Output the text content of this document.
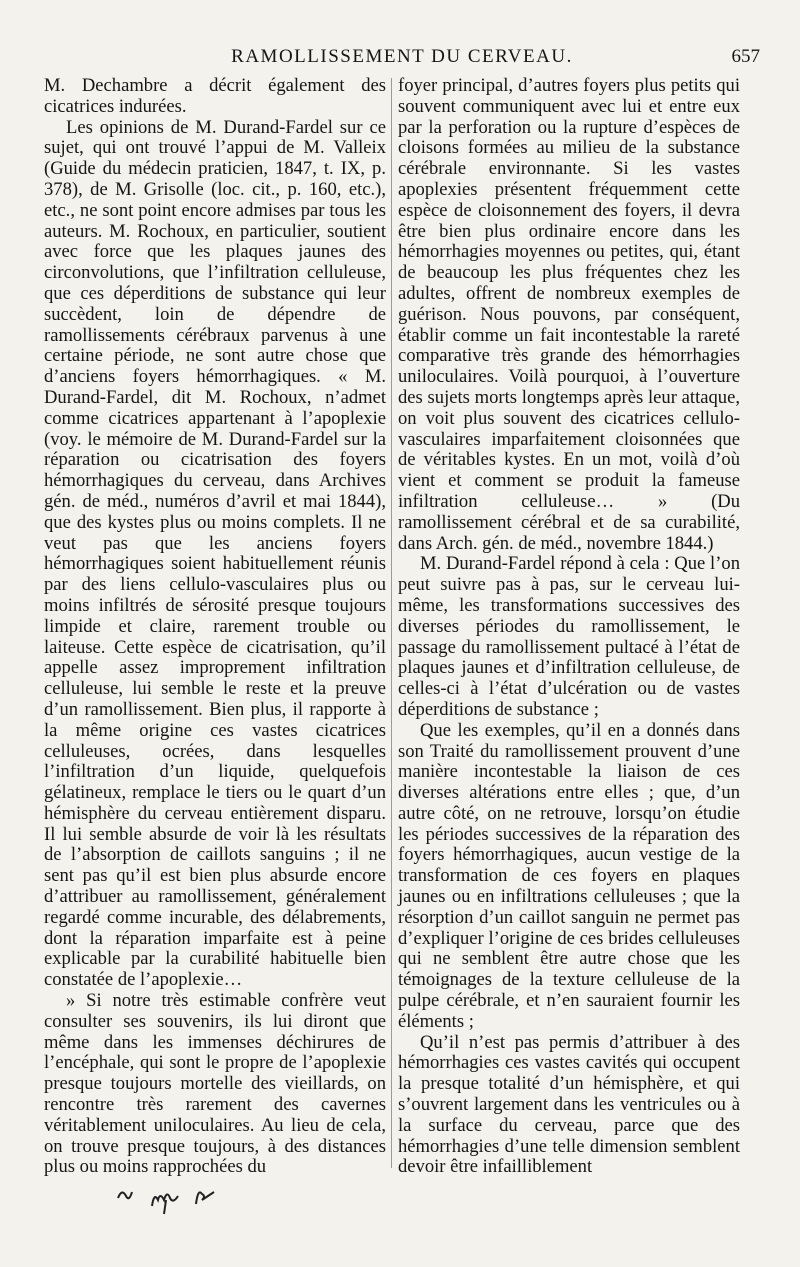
RAMOLLISSEMENT DU CERVEAU.	657

M. Dechambre a décrit également des cicatrices indurées.

Les opinions de M. Durand-Fardel sur ce sujet, qui ont trouvé l’appui de M. Valleix (Guide du médecin praticien, 1847, t. IX, p. 378), de M. Grisolle (loc. cit., p. 160, etc.), etc., ne sont point encore admises par tous les auteurs. M. Rochoux, en particulier, soutient avec force que les plaques jaunes des circonvolutions, que l’infiltration celluleuse, que ces déperditions de substance qui leur succèdent, loin de dépendre de ramollissements cérébraux parvenus à une certaine période, ne sont autre chose que d’anciens foyers hémorrhagiques. « M. Durand-Fardel, dit M. Rochoux, n’admet comme cicatrices appartenant à l’apoplexie (voy. le mémoire de M. Durand-Fardel sur la réparation ou cicatrisation des foyers hémorrhagiques du cerveau, dans Archives gén. de méd., numéros d’avril et mai 1844), que des kystes plus ou moins complets. Il ne veut pas que les anciens foyers hémorrhagiques soient habituellement réunis par des liens cellulo-vasculaires plus ou moins infiltrés de sérosité presque toujours limpide et claire, rarement trouble ou laiteuse. Cette espèce de cicatrisation, qu’il appelle assez improprement infiltration celluleuse, lui semble le reste et la preuve d’un ramollissement. Bien plus, il rapporte à la même origine ces vastes cicatrices celluleuses, ocrées, dans lesquelles l’infiltration d’un liquide, quelquefois gélatineux, remplace le tiers ou le quart d’un hémisphère du cerveau entièrement disparu. Il lui semble absurde de voir là les résultats de l’absorption de caillots sanguins ; il ne sent pas qu’il est bien plus absurde encore d’attribuer au ramollissement, généralement regardé comme incurable, des délabrements, dont la réparation imparfaite est à peine explicable par la curabilité habituelle bien constatée de l’apoplexie…

» Si notre très estimable confrère veut consulter ses souvenirs, ils lui diront que même dans les immenses déchirures de l’encéphale, qui sont le propre de l’apoplexie presque toujours mortelle des vieillards, on rencontre très rarement des cavernes véritablement uniloculaires. Au lieu de cela, on trouve presque toujours, à des distances plus ou moins rapprochées du

foyer principal, d’autres foyers plus petits qui souvent communiquent avec lui et entre eux par la perforation ou la rupture d’espèces de cloisons formées au milieu de la substance cérébrale environnante. Si les vastes apoplexies présentent fréquemment cette espèce de cloisonnement des foyers, il devra être bien plus ordinaire encore dans les hémorrhagies moyennes ou petites, qui, étant de beaucoup les plus fréquentes chez les adultes, offrent de nombreux exemples de guérison. Nous pouvons, par conséquent, établir comme un fait incontestable la rareté comparative très grande des hémorrhagies uniloculaires. Voilà pourquoi, à l’ouverture des sujets morts longtemps après leur attaque, on voit plus souvent des cicatrices cellulo-vasculaires imparfaitement cloisonnées que de véritables kystes. En un mot, voilà d’où vient et comment se produit la fameuse infiltration celluleuse… » (Du ramollissement cérébral et de sa curabilité, dans Arch. gén. de méd., novembre 1844.)

M. Durand-Fardel répond à cela : Que l’on peut suivre pas à pas, sur le cerveau lui-même, les transformations successives des diverses périodes du ramollissement, le passage du ramollissement pultacé à l’état de plaques jaunes et d’infiltration celluleuse, de celles-ci à l’état d’ulcération ou de vastes déperditions de substance ;

Que les exemples, qu’il en a donnés dans son Traité du ramollissement prouvent d’une manière incontestable la liaison de ces diverses altérations entre elles ; que, d’un autre côté, on ne retrouve, lorsqu’on étudie les périodes successives de la réparation des foyers hémorrhagiques, aucun vestige de la transformation de ces foyers en plaques jaunes ou en infiltrations celluleuses ; que la résorption d’un caillot sanguin ne permet pas d’expliquer l’origine de ces brides celluleuses qui ne semblent être autre chose que les témoignages de la texture celluleuse de la pulpe cérébrale, et n’en sauraient fournir les éléments ;

Qu’il n’est pas permis d’attribuer à des hémorrhagies ces vastes cavités qui occupent la presque totalité d’un hémisphère, et qui s’ouvrent largement dans les ventricules ou à la surface du cerveau, parce que des hémorrhagies d’une telle dimension semblent devoir être infailliblement
